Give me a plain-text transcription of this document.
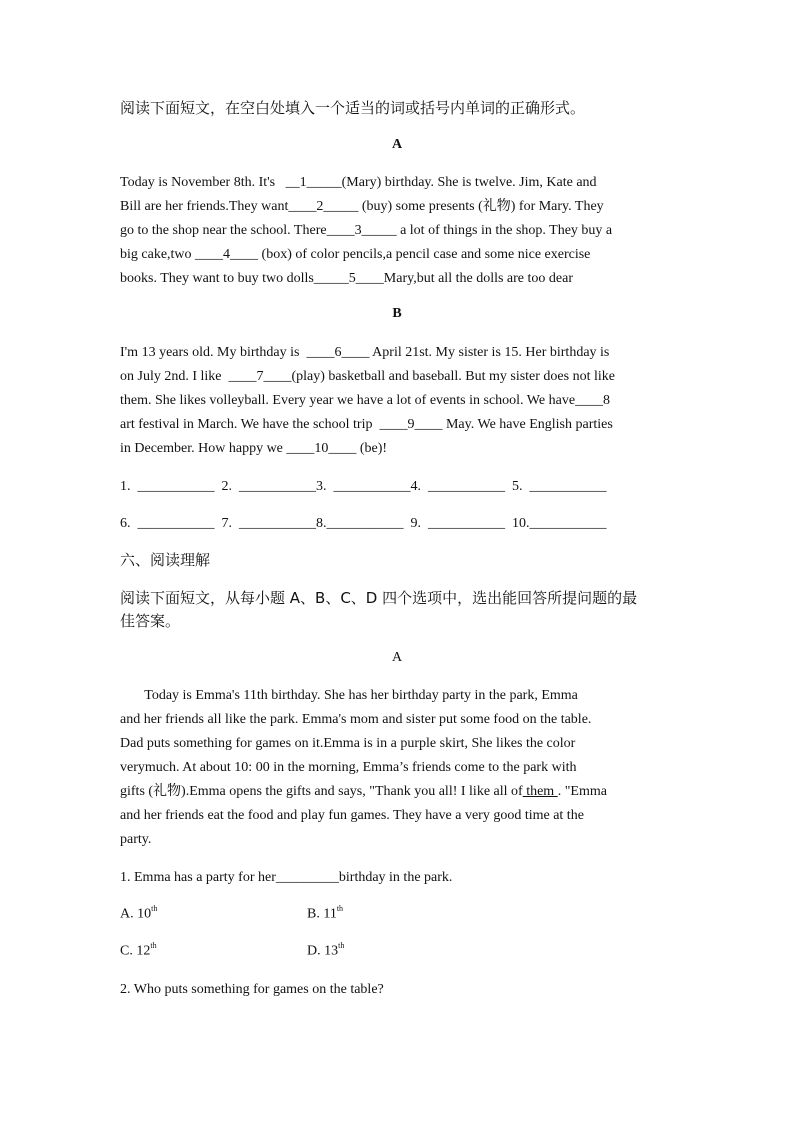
阅读下面短文，在空白处填入一个适当的词或括号内单词的正确形式。
A
Today is November 8th. It's   __1_____(Mary) birthday. She is twelve. Jim, Kate and
Bill are her friends.They want____2_____ (buy) some presents (礼物) for Mary. They
go to the shop near the school. There____3_____ a lot of things in the shop. They buy a
big cake,two ____4____ (box) of color pencils,a pencil case and some nice exercise
books. They want to buy two dolls_____5____Mary,but all the dolls are too dear
B
I'm 13 years old. My birthday is  ____6____ April 21st. My sister is 15. Her birthday is
on July 2nd. I like  ____7____(play) basketball and baseball. But my sister does not like
them. She likes volleyball. Every year we have a lot of events in school. We have____8
art festival in March. We have the school trip  ____9____ May. We have English parties
in December. How happy we ____10____ (be)!
1.  ___________  2.  ___________3.  ___________4.  ___________  5.  ___________
6.  ___________  7.  ___________8.___________  9.  ___________  10.___________
六、阅读理解
阅读下面短文，从每小题 A、B、C、D 四个选项中，选出能回答所提问题的最
佳答案。
A
Today is Emma's 11th birthday. She has her birthday party in the park, Emma
and her friends all like the park. Emma's mom and sister put some food on the table.
Dad puts something for games on it.Emma is in a purple skirt, She likes the color
verymuch. At about 10: 00 in the morning, Emma’s friends come to the park with
gifts (礼物).Emma opens the gifts and says, "Thank you all! I like all of them . "Emma
and her friends eat the food and play fun games. They have a very good time at the
party.
1. Emma has a party for her_________birthday in the park.
A. 10th	B. 11th
C. 12th	D. 13th
2. Who puts something for games on the table?
